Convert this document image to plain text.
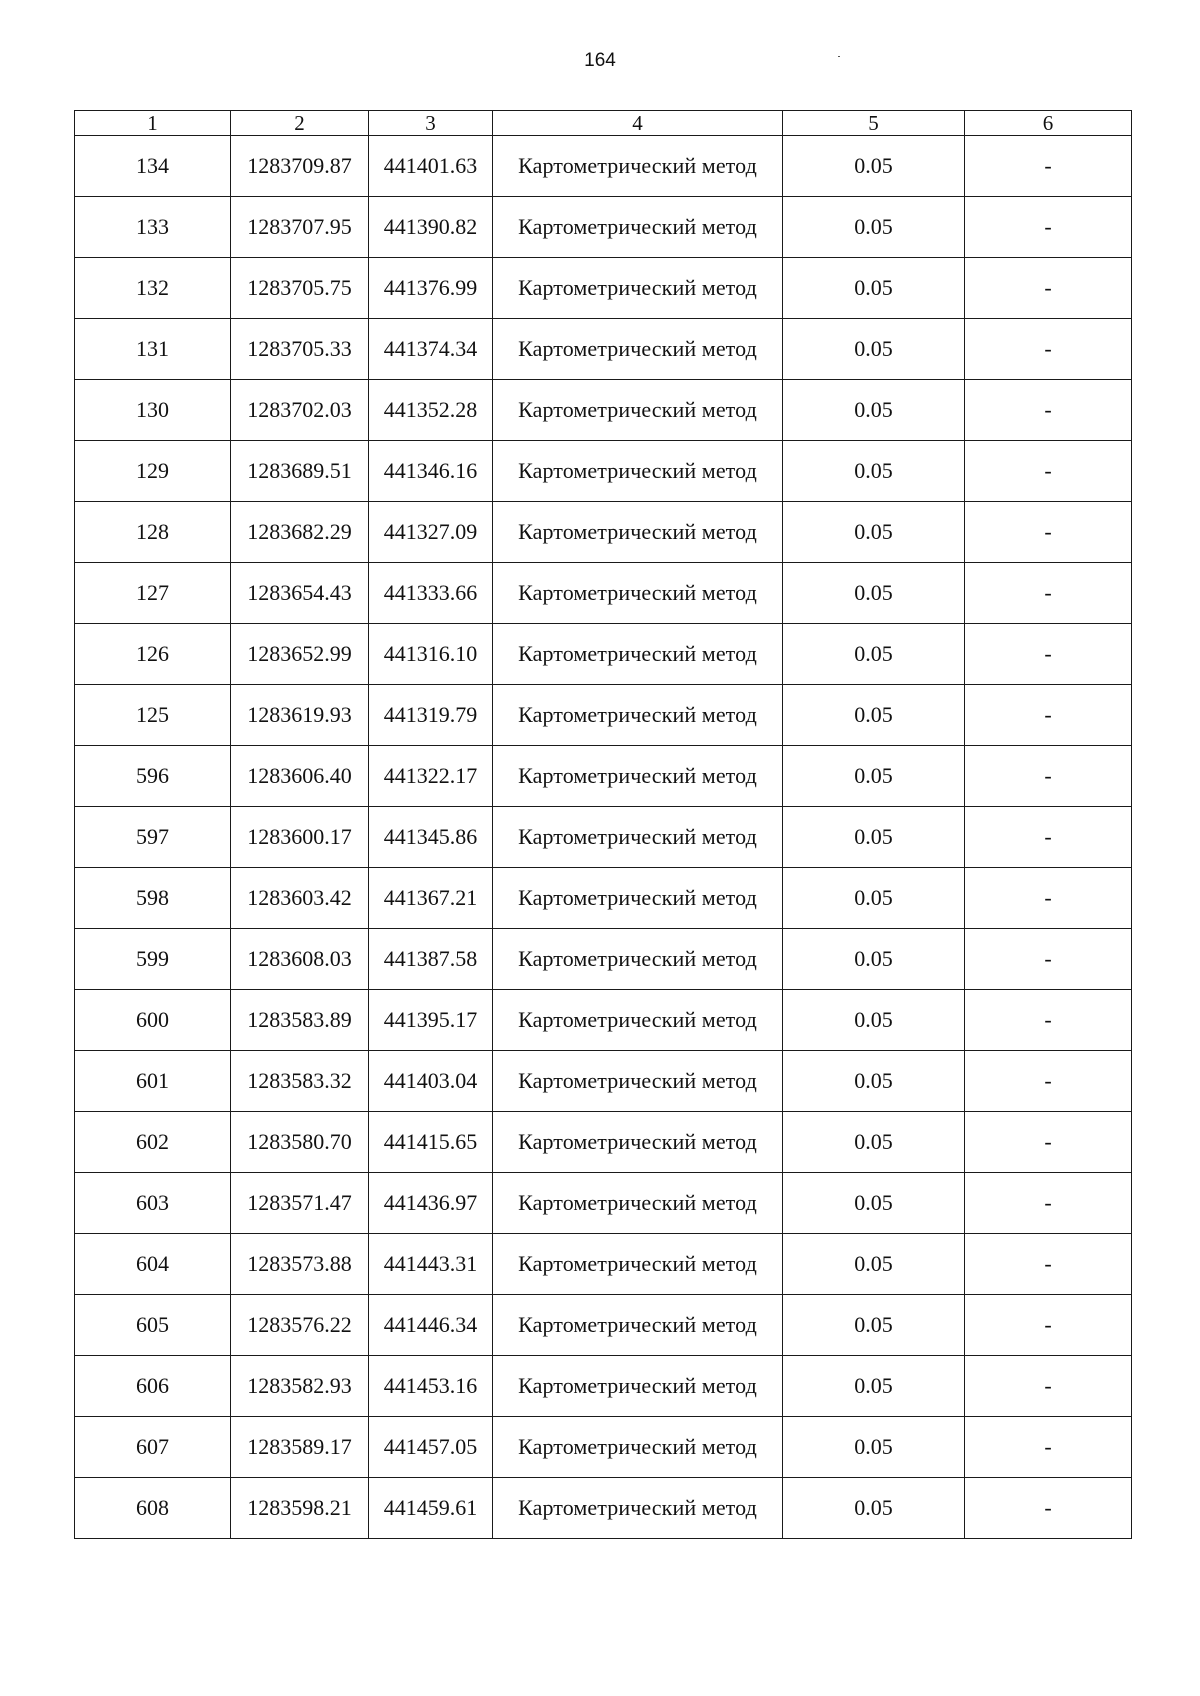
164
1	2	3	4	5	6
134	1283709.87	441401.63	Картометрический метод	0.05	-
133	1283707.95	441390.82	Картометрический метод	0.05	-
132	1283705.75	441376.99	Картометрический метод	0.05	-
131	1283705.33	441374.34	Картометрический метод	0.05	-
130	1283702.03	441352.28	Картометрический метод	0.05	-
129	1283689.51	441346.16	Картометрический метод	0.05	-
128	1283682.29	441327.09	Картометрический метод	0.05	-
127	1283654.43	441333.66	Картометрический метод	0.05	-
126	1283652.99	441316.10	Картометрический метод	0.05	-
125	1283619.93	441319.79	Картометрический метод	0.05	-
596	1283606.40	441322.17	Картометрический метод	0.05	-
597	1283600.17	441345.86	Картометрический метод	0.05	-
598	1283603.42	441367.21	Картометрический метод	0.05	-
599	1283608.03	441387.58	Картометрический метод	0.05	-
600	1283583.89	441395.17	Картометрический метод	0.05	-
601	1283583.32	441403.04	Картометрический метод	0.05	-
602	1283580.70	441415.65	Картометрический метод	0.05	-
603	1283571.47	441436.97	Картометрический метод	0.05	-
604	1283573.88	441443.31	Картометрический метод	0.05	-
605	1283576.22	441446.34	Картометрический метод	0.05	-
606	1283582.93	441453.16	Картометрический метод	0.05	-
607	1283589.17	441457.05	Картометрический метод	0.05	-
608	1283598.21	441459.61	Картометрический метод	0.05	-
